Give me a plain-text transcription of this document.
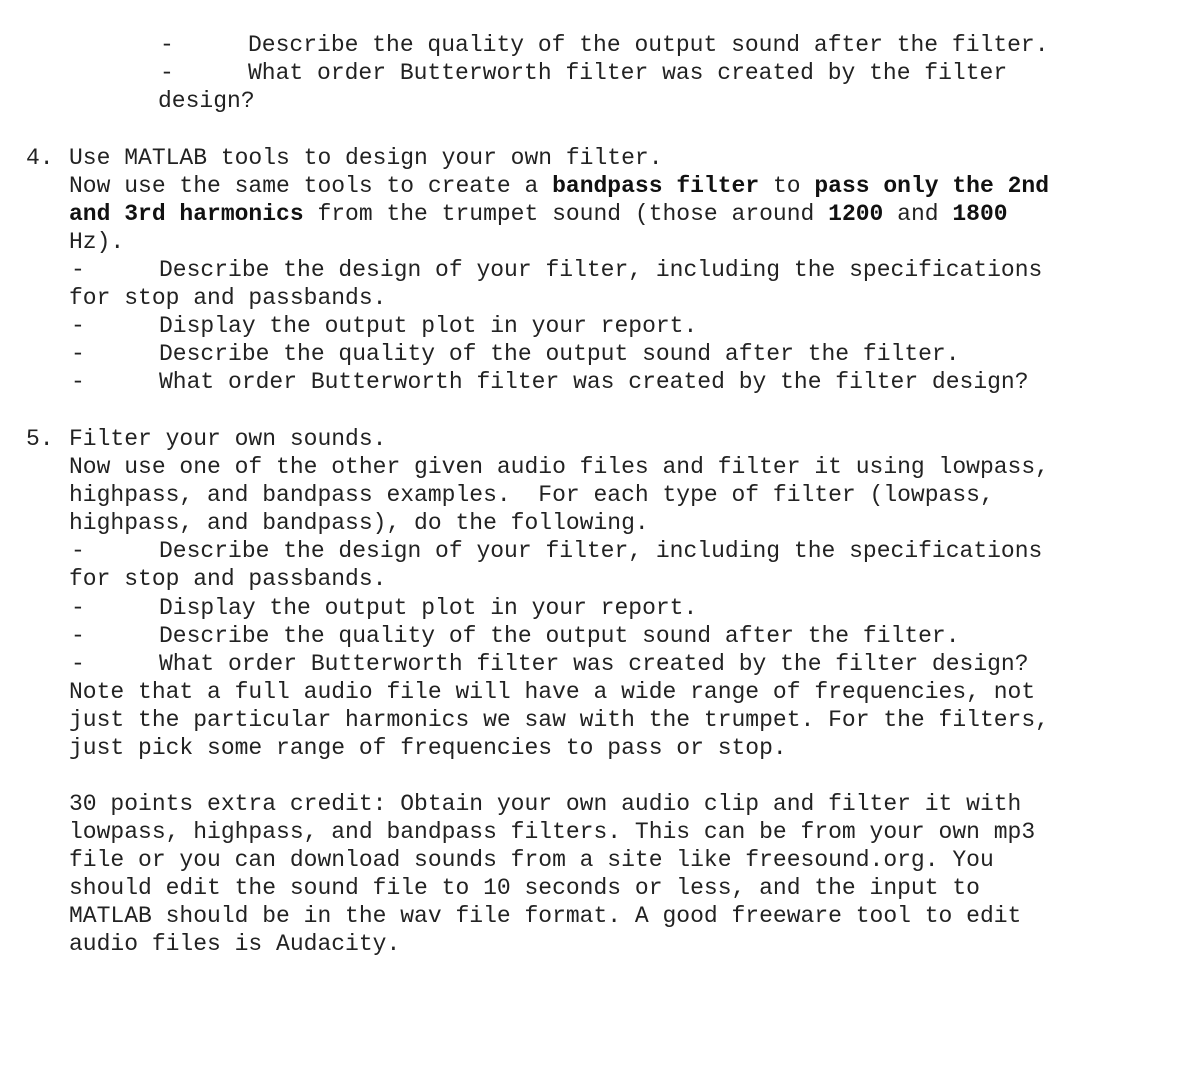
-	Describe the quality of the output sound after the filter.
-	What order Butterworth filter was created by the filter
design?
4. Use MATLAB tools to design your own filter.
Now use the same tools to create a bandpass filter to pass only the 2nd
and 3rd harmonics from the trumpet sound (those around 1200 and 1800
Hz).
-	Describe the design of your filter, including the specifications
for stop and passbands.
-	Display the output plot in your report.
-	Describe the quality of the output sound after the filter.
-	What order Butterworth filter was created by the filter design?
5. Filter your own sounds.
Now use one of the other given audio files and filter it using lowpass,
highpass, and bandpass examples.  For each type of filter (lowpass,
highpass, and bandpass), do the following.
-	Describe the design of your filter, including the specifications
for stop and passbands.
-	Display the output plot in your report.
-	Describe the quality of the output sound after the filter.
-	What order Butterworth filter was created by the filter design?
Note that a full audio file will have a wide range of frequencies, not
just the particular harmonics we saw with the trumpet. For the filters,
just pick some range of frequencies to pass or stop.
30 points extra credit: Obtain your own audio clip and filter it with
lowpass, highpass, and bandpass filters. This can be from your own mp3
file or you can download sounds from a site like freesound.org. You
should edit the sound file to 10 seconds or less, and the input to
MATLAB should be in the wav file format. A good freeware tool to edit
audio files is Audacity.
